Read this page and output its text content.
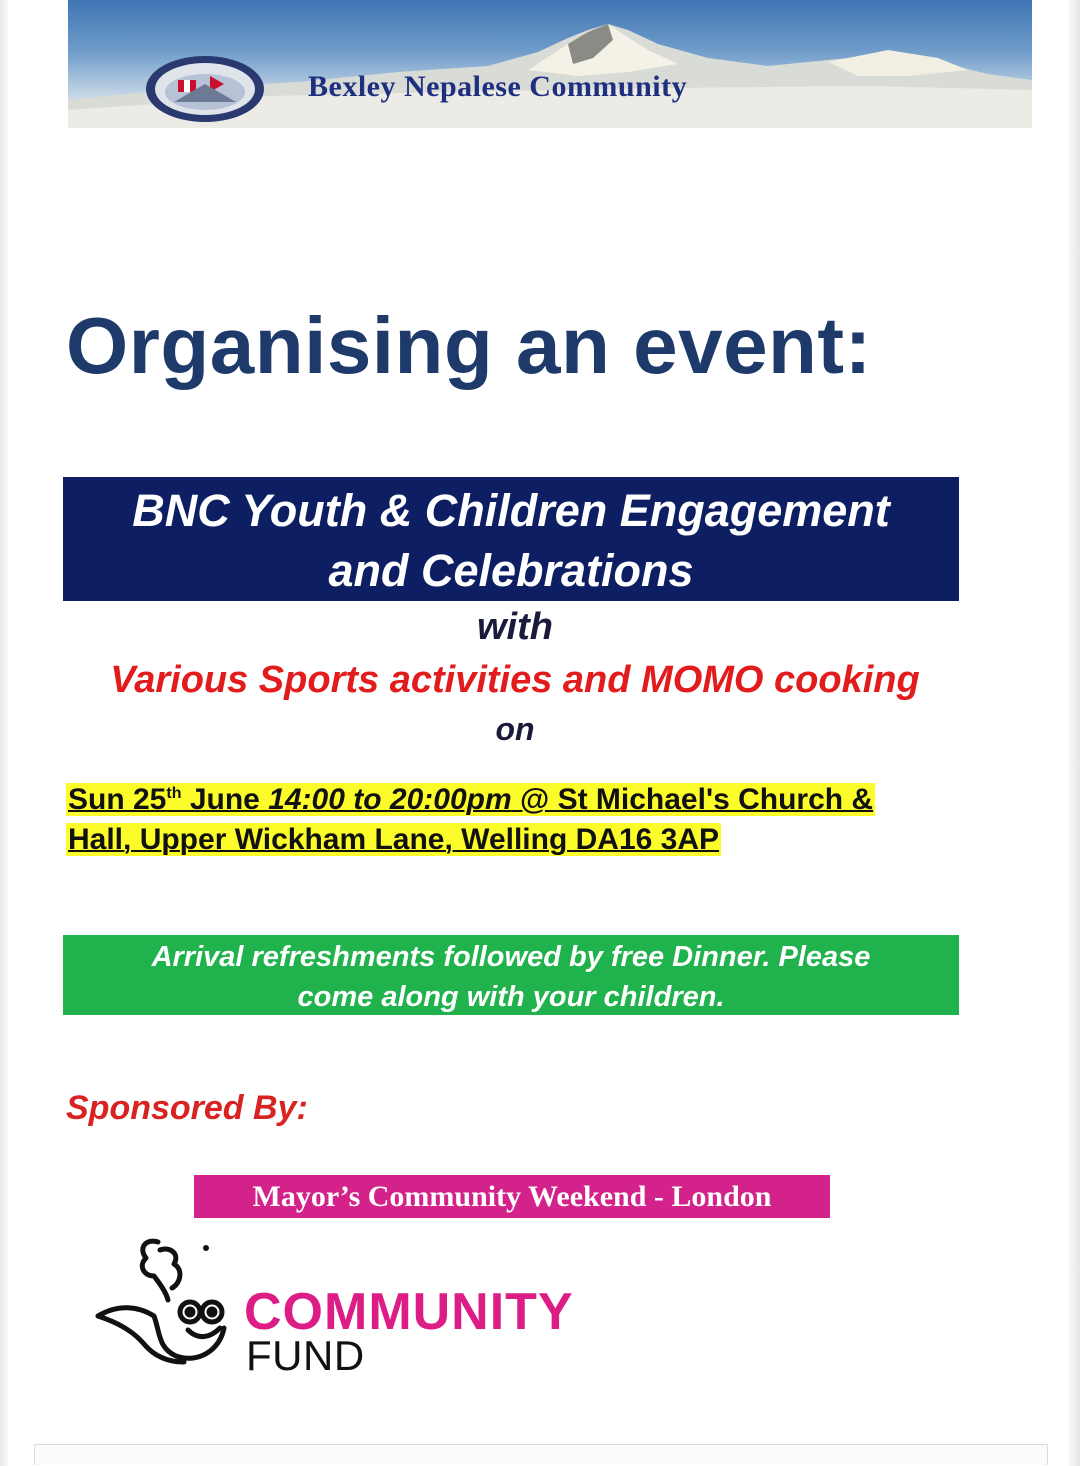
Bexley Nepalese Community
Organising an event:
BNC Youth & Children Engagement
and Celebrations
with
Various Sports activities and MOMO cooking
on
Sun 25th June 14:00 to 20:00pm @ St Michael's Church &
Hall, Upper Wickham Lane, Welling DA16 3AP
Arrival refreshments followed by free Dinner. Please
come along with your children.
Sponsored By:
Mayor’s Community Weekend - London
COMMUNITY
FUND
